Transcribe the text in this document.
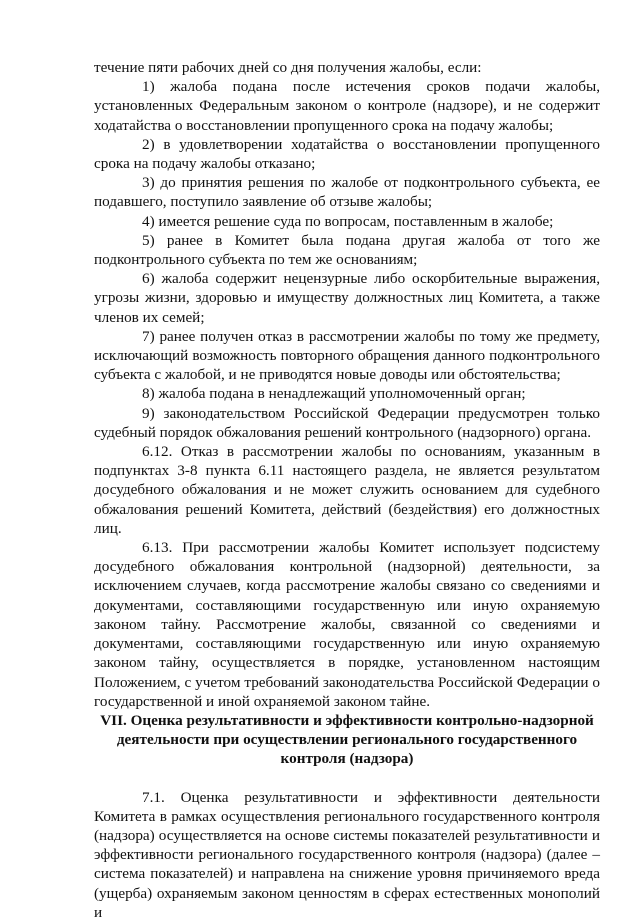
течение пяти рабочих дней со дня получения жалобы, если:

1) жалоба подана после истечения сроков подачи жалобы, установленных Федеральным законом о контроле (надзоре), и не содержит ходатайства о восстановлении пропущенного срока на подачу жалобы;

2) в удовлетворении ходатайства о восстановлении пропущенного срока на подачу жалобы отказано;

3) до принятия решения по жалобе от подконтрольного субъекта, ее подавшего, поступило заявление об отзыве жалобы;

4) имеется решение суда по вопросам, поставленным в жалобе;

5) ранее в Комитет была подана другая жалоба от того же подконтрольного субъекта по тем же основаниям;

6) жалоба содержит нецензурные либо оскорбительные выражения, угрозы жизни, здоровью и имуществу должностных лиц Комитета, а также членов их семей;

7) ранее получен отказ в рассмотрении жалобы по тому же предмету, исключающий возможность повторного обращения данного подконтрольного субъекта с жалобой, и не приводятся новые доводы или обстоятельства;

8) жалоба подана в ненадлежащий уполномоченный орган;

9) законодательством Российской Федерации предусмотрен только судебный порядок обжалования решений контрольного (надзорного) органа.

6.12. Отказ в рассмотрении жалобы по основаниям, указанным в подпунктах 3-8 пункта 6.11 настоящего раздела, не является результатом досудебного обжалования и не может служить основанием для судебного обжалования решений Комитета, действий (бездействия) его должностных лиц.

6.13. При рассмотрении жалобы Комитет использует подсистему досудебного обжалования контрольной (надзорной) деятельности, за исключением случаев, когда рассмотрение жалобы связано со сведениями и документами, составляющими государственную или иную охраняемую законом тайну. Рассмотрение жалобы, связанной со сведениями и документами, составляющими государственную или иную охраняемую законом тайну, осуществляется в порядке, установленном настоящим Положением, с учетом требований законодательства Российской Федерации о государственной и иной охраняемой законом тайне.

VII. Оценка результативности и эффективности контрольно-надзорной деятельности при осуществлении регионального государственного контроля (надзора)

7.1. Оценка результативности и эффективности деятельности Комитета в рамках осуществления регионального государственного контроля (надзора) осуществляется на основе системы показателей результативности и эффективности регионального государственного контроля (надзора) (далее – система показателей) и направлена на снижение уровня причиняемого вреда (ущерба) охраняемым законом ценностям в сферах естественных монополий и
